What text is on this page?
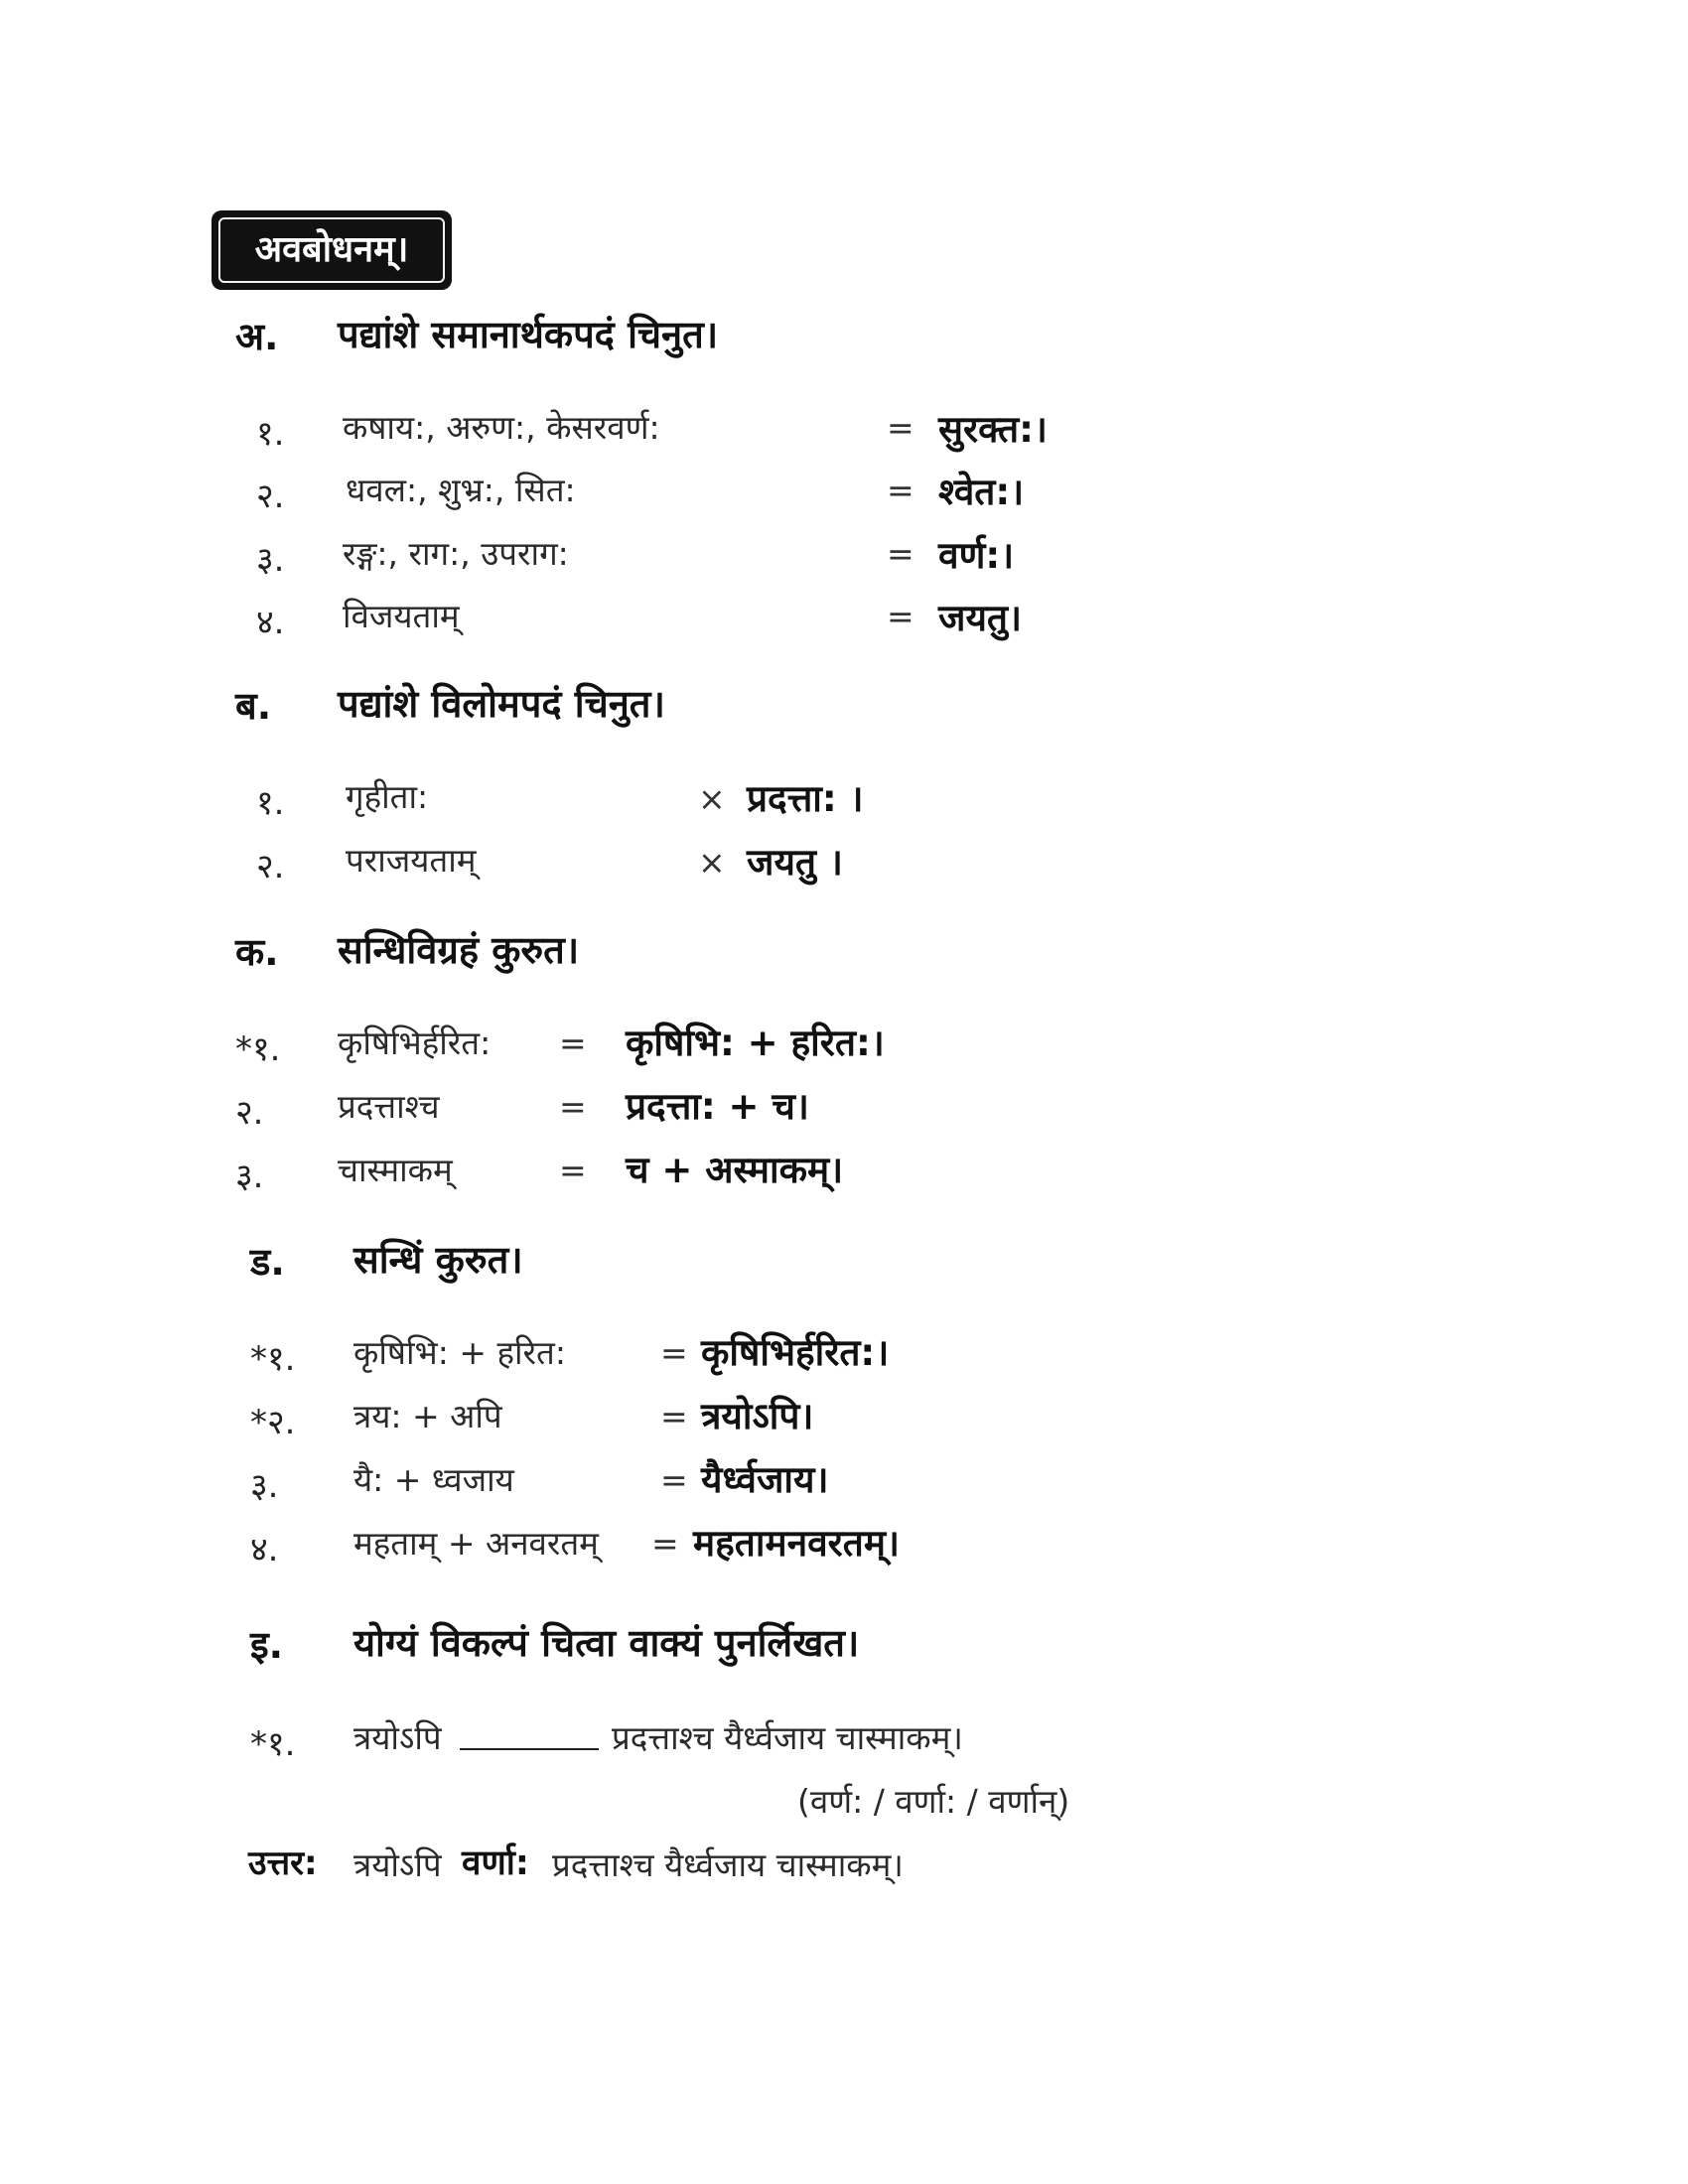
अवबोधनम्।
अ. पद्यांशे समानार्थकपदं चिनुत।
१. कषाय:, अरुण:, केसरवर्ण:	= सुरक्त:।
२. धवल:, शुभ्र:, सित:	= श्वेत:।
३. रङ्ग:, राग:, उपराग:	= वर्ण:।
४. विजयताम्	= जयतु।
ब. पद्यांशे विलोमपदं चिनुत।
१. गृहीता:	× प्रदत्ता: ।
२. पराजयताम्	× जयतु ।
क. सन्धिविग्रहं कुरुत।
*१. कृषिभिर्हरित: = कृषिभि: + हरित:।
२. प्रदत्ताश्च	= प्रदत्ता: + च।
३. चास्माकम्	= च + अस्माकम्।
ड. सन्धिं कुरुत।
*१. कृषिभि: + हरित:	= कृषिभिर्हरित:।
*२. त्रय: + अपि	= त्रयोऽपि।
३. यै: + ध्वजाय	= यैर्ध्वजाय।
४. महताम् + अनवरतम् = महतामनवरतम्।
इ. योग्यं विकल्पं चित्वा वाक्यं पुनर्लिखत।
*१. त्रयोऽपि	प्रदत्ताश्च यैर्ध्वजाय चास्माकम्।
(वर्ण: / वर्णा: / वर्णान्)
उत्तर: त्रयोऽपि वर्णा: प्रदत्ताश्च यैर्ध्वजाय चास्माकम्।
